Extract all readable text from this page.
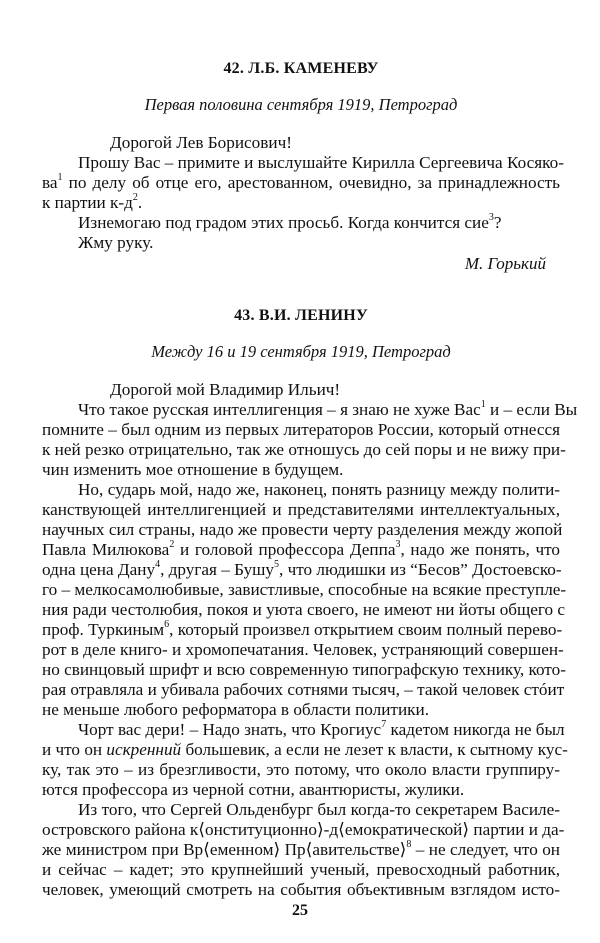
42. Л.Б. КАМЕНЕВУ
Первая половина сентября 1919, Петроград
Дорогой Лев Борисович!
Прошу Вас – примите и выслушайте Кирилла Сергеевича Косяко-
$ва^1$ по делу об отце его, арестованном, очевидно, за принадлежность
к партии $к-д^2$.
Изнемогаю под градом этих просьб. Когда кончится сие$^3$?
Жму руку.
М. Горький
43. В.И. ЛЕНИНУ
Между 16 и 19 сентября 1919, Петроград
Дорогой мой Владимир Ильич!
Что такое русская интеллигенция – я знаю не хуже Вас$^1$ и – если Вы
помните – был одним из первых литераторов России, который отнесся
к ней резко отрицательно, так же отношусь до сей поры и не вижу при-
чин изменить мое отношение в будущем.
Но, сударь мой, надо же, наконец, понять разницу между полити-
канствующей интеллигенцией и представителями интеллектуальных,
научных сил страны, надо же провести черту разделения между жопой
Павла Милюкова$^2$ и головой профессора Деппа$^3$, надо же понять, что
одна цена Дану$^4$, другая – Бушу$^5$, что людишки из “Бесов” Достоевско-
го – мелкосамолюбивые, завистливые, способные на всякие преступле-
ния ради честолюбия, покоя и уюта своего, не имеют ни йоты общего с
проф. Туркиным$^6$, который произвел открытием своим полный перево-
рот в деле книго- и хромопечатания. Человек, устраняющий совершен-
но свинцовый шрифт и всю современную типографскую технику, кото-
рая отравляла и убивала рабочих сотнями тысяч, – такой человек стóит
не меньше любого реформатора в области политики.
Чорт вас дери! – Надо знать, что Крогиус$^7$ кадетом никогда не был
и что он искренний большевик, а если не лезет к власти, к сытному кус-
ку, так это – из брезгливости, это потому, что около власти группиру-
ются профессора из черной сотни, авантюристы, жулики.
Из того, что Сергей Ольденбург был когда-то секретарем Василе-
островского района к⟨онституционно⟩-д⟨емократической⟩ партии и да-
же министром при Вр⟨еменном⟩ Пр⟨авительстве⟩$^8$ – не следует, что он
и сейчас – кадет; это крупнейший ученый, превосходный работник,
человек, умеющий смотреть на события объективным взглядом исто-
25
